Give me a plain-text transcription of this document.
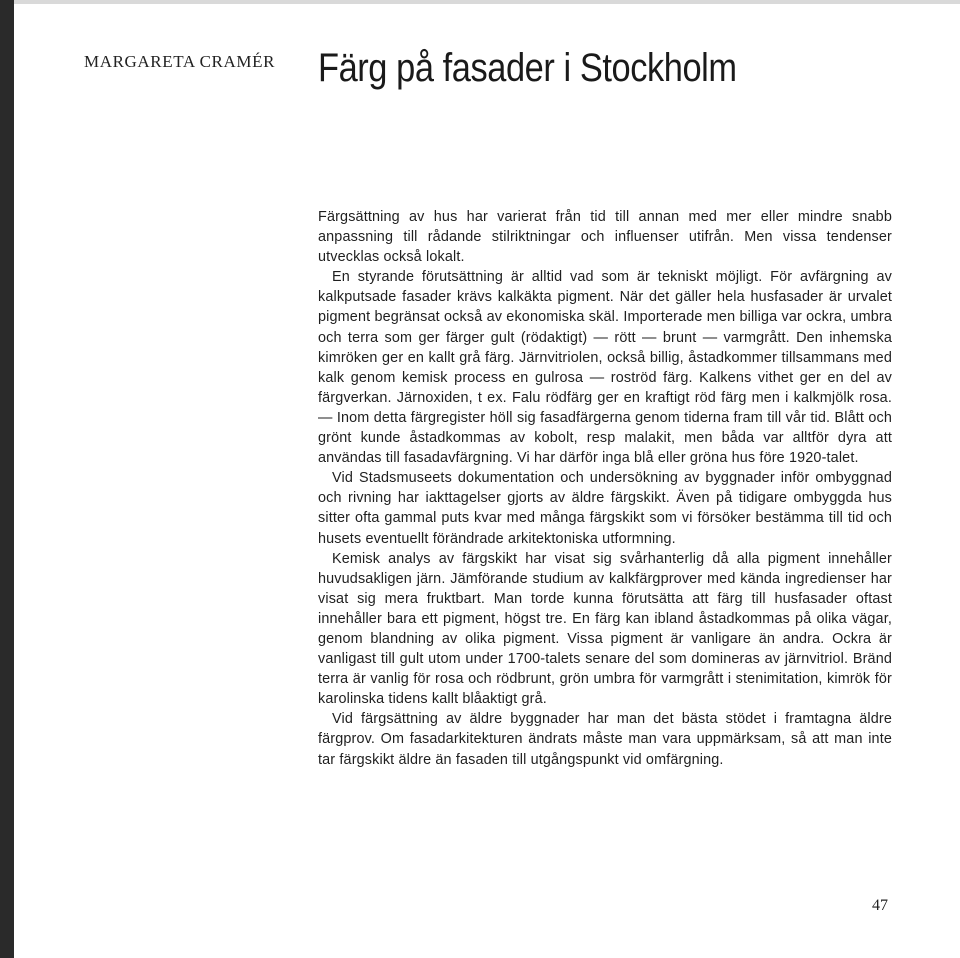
MARGARETA CRAMÉR Färg på fasader i Stockholm

Färgsättning av hus har varierat från tid till annan med mer eller mindre snabb anpassning till rådande stilriktningar och influenser utifrån. Men vissa tendenser utvecklas också lokalt.

En styrande förutsättning är alltid vad som är tekniskt möjligt. För avfärgning av kalkputsade fasader krävs kalkäkta pigment. När det gäller hela husfasader är urvalet pigment begränsat också av ekonomiska skäl. Importerade men billiga var ockra, umbra och terra som ger färger gult (rödaktigt) — rött — brunt — varmgrått. Den inhemska kimröken ger en kallt grå färg. Järnvitriolen, också billig, åstadkommer tillsammans med kalk genom kemisk process en gulrosa — roströd färg. Kalkens vithet ger en del av färgverkan. Järnoxiden, t ex. Falu rödfärg ger en kraftigt röd färg men i kalkmjölk rosa. — Inom detta färgregister höll sig fasadfärgerna genom tiderna fram till vår tid. Blått och grönt kunde åstadkommas av kobolt, resp malakit, men båda var alltför dyra att användas till fasadavfärgning. Vi har därför inga blå eller gröna hus före 1920-talet.

Vid Stadsmuseets dokumentation och undersökning av byggnader inför ombyggnad och rivning har iakttagelser gjorts av äldre färgskikt. Även på tidigare ombyggda hus sitter ofta gammal puts kvar med många färgskikt som vi försöker bestämma till tid och husets eventuellt förändrade arkitektoniska utformning.

Kemisk analys av färgskikt har visat sig svårhanterlig då alla pigment innehåller huvudsakligen järn. Jämförande studium av kalkfärgprover med kända ingredienser har visat sig mera fruktbart. Man torde kunna förutsätta att färg till husfasader oftast innehåller bara ett pigment, högst tre. En färg kan ibland åstadkommas på olika vägar, genom blandning av olika pigment. Vissa pigment är vanligare än andra. Ockra är vanligast till gult utom under 1700-talets senare del som domineras av järnvitriol. Bränd terra är vanlig för rosa och rödbrunt, grön umbra för varmgrått i stenimitation, kimrök för karolinska tidens kallt blåaktigt grå.

Vid färgsättning av äldre byggnader har man det bästa stödet i framtagna äldre färgprov. Om fasadarkitekturen ändrats måste man vara uppmärksam, så att man inte tar färgskikt äldre än fasaden till utgångspunkt vid omfärgning.

47
